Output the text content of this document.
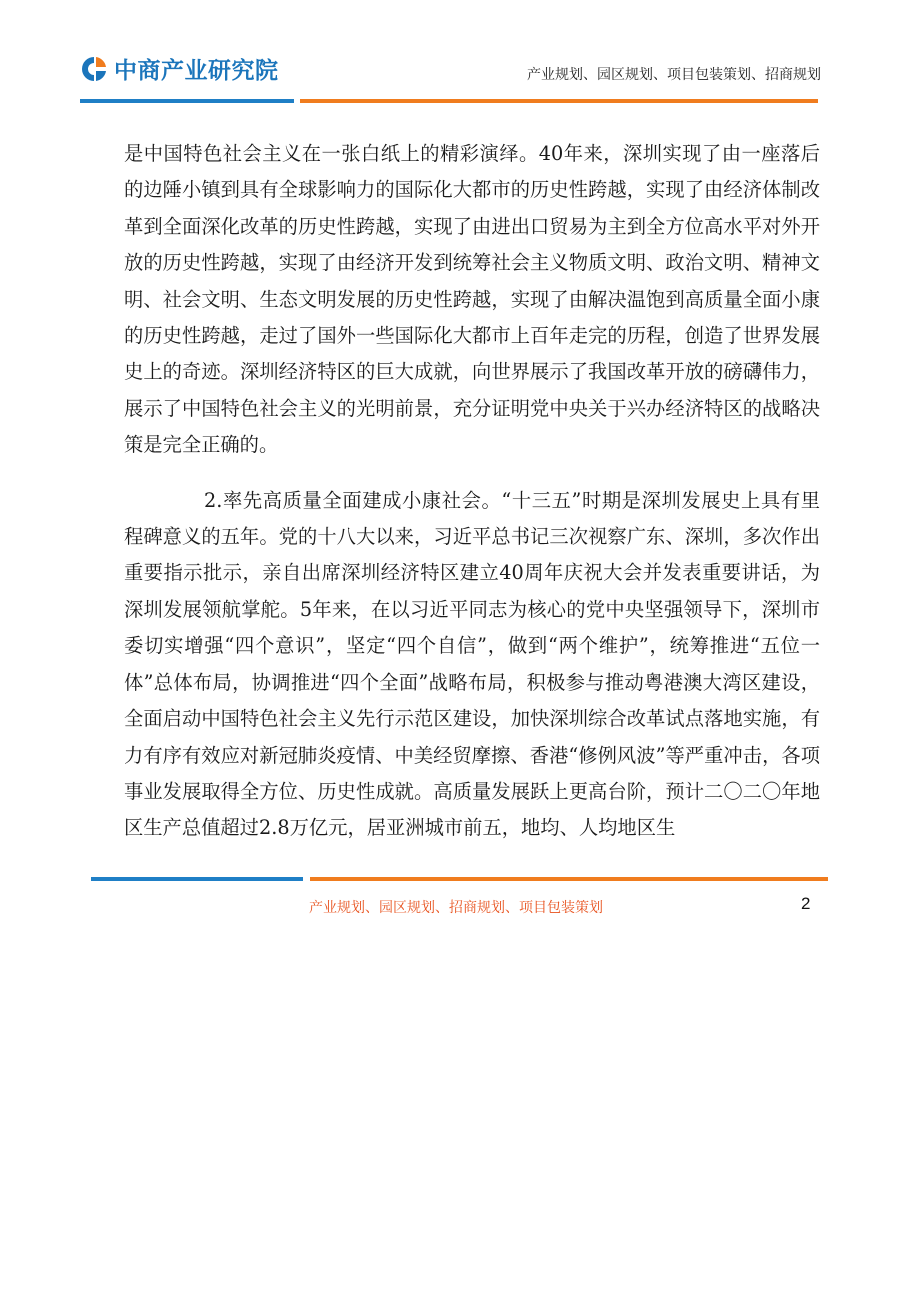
中商产业研究院	产业规划、园区规划、项目包装策划、招商规划

是中国特色社会主义在一张白纸上的精彩演绎。40年来，深圳实现了由一座落后的边陲小镇到具有全球影响力的国际化大都市的历史性跨越，实现了由经济体制改革到全面深化改革的历史性跨越，实现了由进出口贸易为主到全方位高水平对外开放的历史性跨越，实现了由经济开发到统筹社会主义物质文明、政治文明、精神文明、社会文明、生态文明发展的历史性跨越，实现了由解决温饱到高质量全面小康的历史性跨越，走过了国外一些国际化大都市上百年走完的历程，创造了世界发展史上的奇迹。深圳经济特区的巨大成就，向世界展示了我国改革开放的磅礴伟力，展示了中国特色社会主义的光明前景，充分证明党中央关于兴办经济特区的战略决策是完全正确的。

2.率先高质量全面建成小康社会。“十三五”时期是深圳发展史上具有里程碑意义的五年。党的十八大以来，习近平总书记三次视察广东、深圳，多次作出重要指示批示，亲自出席深圳经济特区建立40周年庆祝大会并发表重要讲话，为深圳发展领航掌舵。5年来，在以习近平同志为核心的党中央坚强领导下，深圳市委切实增强“四个意识”，坚定“四个自信”，做到“两个维护”，统筹推进“五位一体”总体布局，协调推进“四个全面”战略布局，积极参与推动粤港澳大湾区建设，全面启动中国特色社会主义先行示范区建设，加快深圳综合改革试点落地实施，有力有序有效应对新冠肺炎疫情、中美经贸摩擦、香港“修例风波”等严重冲击，各项事业发展取得全方位、历史性成就。高质量发展跃上更高台阶，预计二〇二〇年地区生产总值超过2.8万亿元，居亚洲城市前五，地均、人均地区生

产业规划、园区规划、招商规划、项目包装策划	2
